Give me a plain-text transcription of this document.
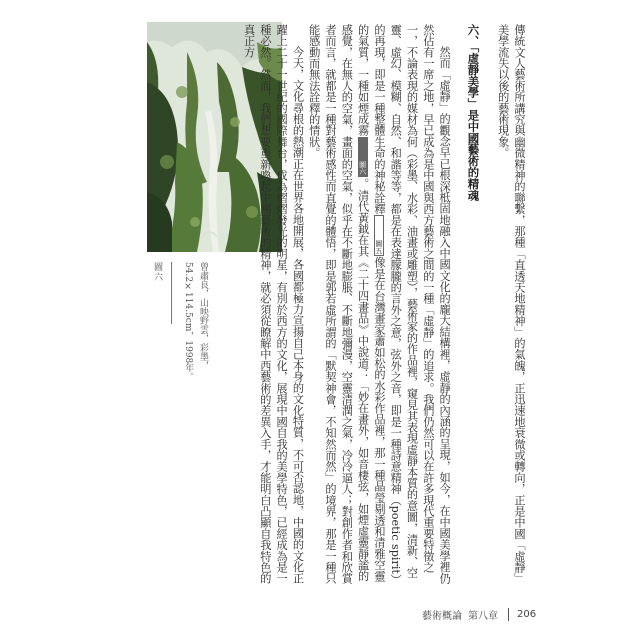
圖六	曾肅良，山映野雲，彩墨，54.2×114.5cm，1998年。	傳統文人藝術所講究與幽微精神的聯繫，那種「直透天地精神」的氣魄，正迅速地衰微或轉向，正是中國「虛靜」美學流失以後的藝術現象。

六、「虛靜美學」是中國藝術的精魂

然而「虛靜」的觀念早已根深柢固地融入中國文化的龐大結構裡，虛靜的內涵的呈現，如今，在中國美學裡仍然佔有一席之地，早已成為是中國與西方藝術之間的一種「虛靜」的追求。我們仍然可以在許多現代重要特徵之一，不論表現的媒材為何（彩墨、水彩、油畫或雕塑），藝術家的作品裡，窺見其表現虛靜本質的意圖，清新、空靈、虛幻、模糊、自然、和諧等等，都是在表達朦朧的言外之意，弦外之音，即是一種詩意精神（poetic spirit）的再現，即是一種整體生命的神秘詮釋圖五像是在台灣畫家蕭如松的水彩作品裡，那一種晶瑩剔透和清雅空靈的氣質，一種如煙成霧圖六。清代黃鉞在其《二十四畫品》中說道：「妙在畫外，如音棲弦，如煙虛靈靜謐的感覺，在無人的空氣，畫面的空氣，似乎在不斷地膨脹、不斷地彌漫，空靈清潤之氣，冷冷逼人；對創作者和欣賞者而言，就都是一種對藝術感性而直覺的體悟，即是郭若虛所謂的「默契神會，不知然而然」的境界，那是一種只能感動而無法詮釋的情狀。

今天，文化尋根的熱潮正在世界各地開展，各國都極力宣揚自己本身的文化特質，不可否認地，中國的文化正躍上二十一世紀的國際舞台，成為熠熠發光的明星，有別於西方的文化，展現中國自我的美學特色，已經成為是一種必然。然而，我們想要重新喚起中國藝術的精神，就必須從瞭解中西藝術的差異入手，才能明白凸顯自我特色的真正方

藝術概論 第八章 206
